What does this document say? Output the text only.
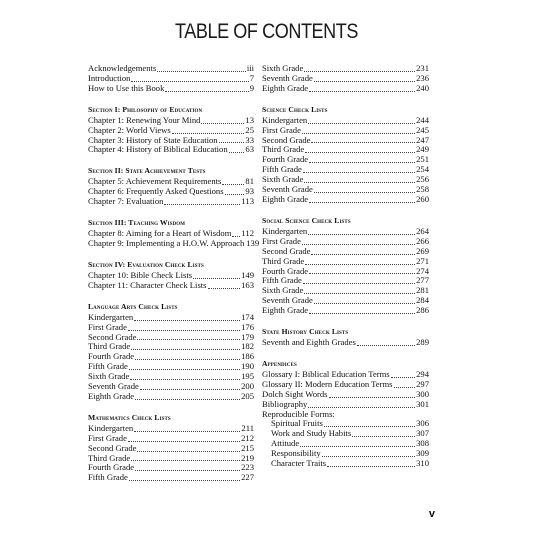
TABLE OF CONTENTS
Acknowledgements	iii
Introduction	7
How to Use this Book	9
Section I: Philosophy of Education
Chapter 1: Renewing Your Mind	13
Chapter 2: World Views	25
Chapter 3: History of State Education	33
Chapter 4: History of Biblical Education 63
Section II: State Achievement Tests
Chapter 5: Achievement Requirements	81
Chapter 6: Frequently Asked Questions	93
Chapter 7: Evaluation	113
Section III: Teaching Wisdom
Chapter 8: Aiming for a Heart of Wisdom 112
Chapter 9: Implementing a H.O.W. Approach 139
Section IV: Evaluation Check Lists
Chapter 10: Bible Check Lists	149
Chapter 11: Character Check Lists	163
Language Arts Check Lists
Kindergarten	174
First Grade	176
Second Grade	179
Third Grade	182
Fourth Grade	186
Fifth Grade	190
Sixth Grade	195
Seventh Grade	200
Eighth Grade	205
Mathematics Check Lists
Kindergarten	211
First Grade	212
Second Grade	215
Third Grade	219
Fourth Grade	223
Fifth Grade	227
Sixth Grade	231
Seventh Grade	236
Eighth Grade	240
Science Check Lists
Kindergarten	244
First Grade	245
Second Grade	247
Third Grade	249
Fourth Grade	251
Fifth Grade	254
Sixth Grade	256
Seventh Grade	258
Eighth Grade	260
Social Science Check Lists
Kindergarten	264
First Grade	266
Second Grade	269
Third Grade	271
Fourth Grade	274
Fifth Grade	277
Sixth Grade	281
Seventh Grade	284
Eighth Grade	286
State History Check Lists
Seventh and Eighth Grades	289
Appendices
Glossary I: Biblical Education Terms	294
Glossary II: Modern Education Terms	297
Dolch Sight Words	300
Bibliography	301
Reproducible Forms:
Spiritual Fruits	306
Work and Study Habits	307
Attitude	308
Responsibility	309
Character Traits	310
v
